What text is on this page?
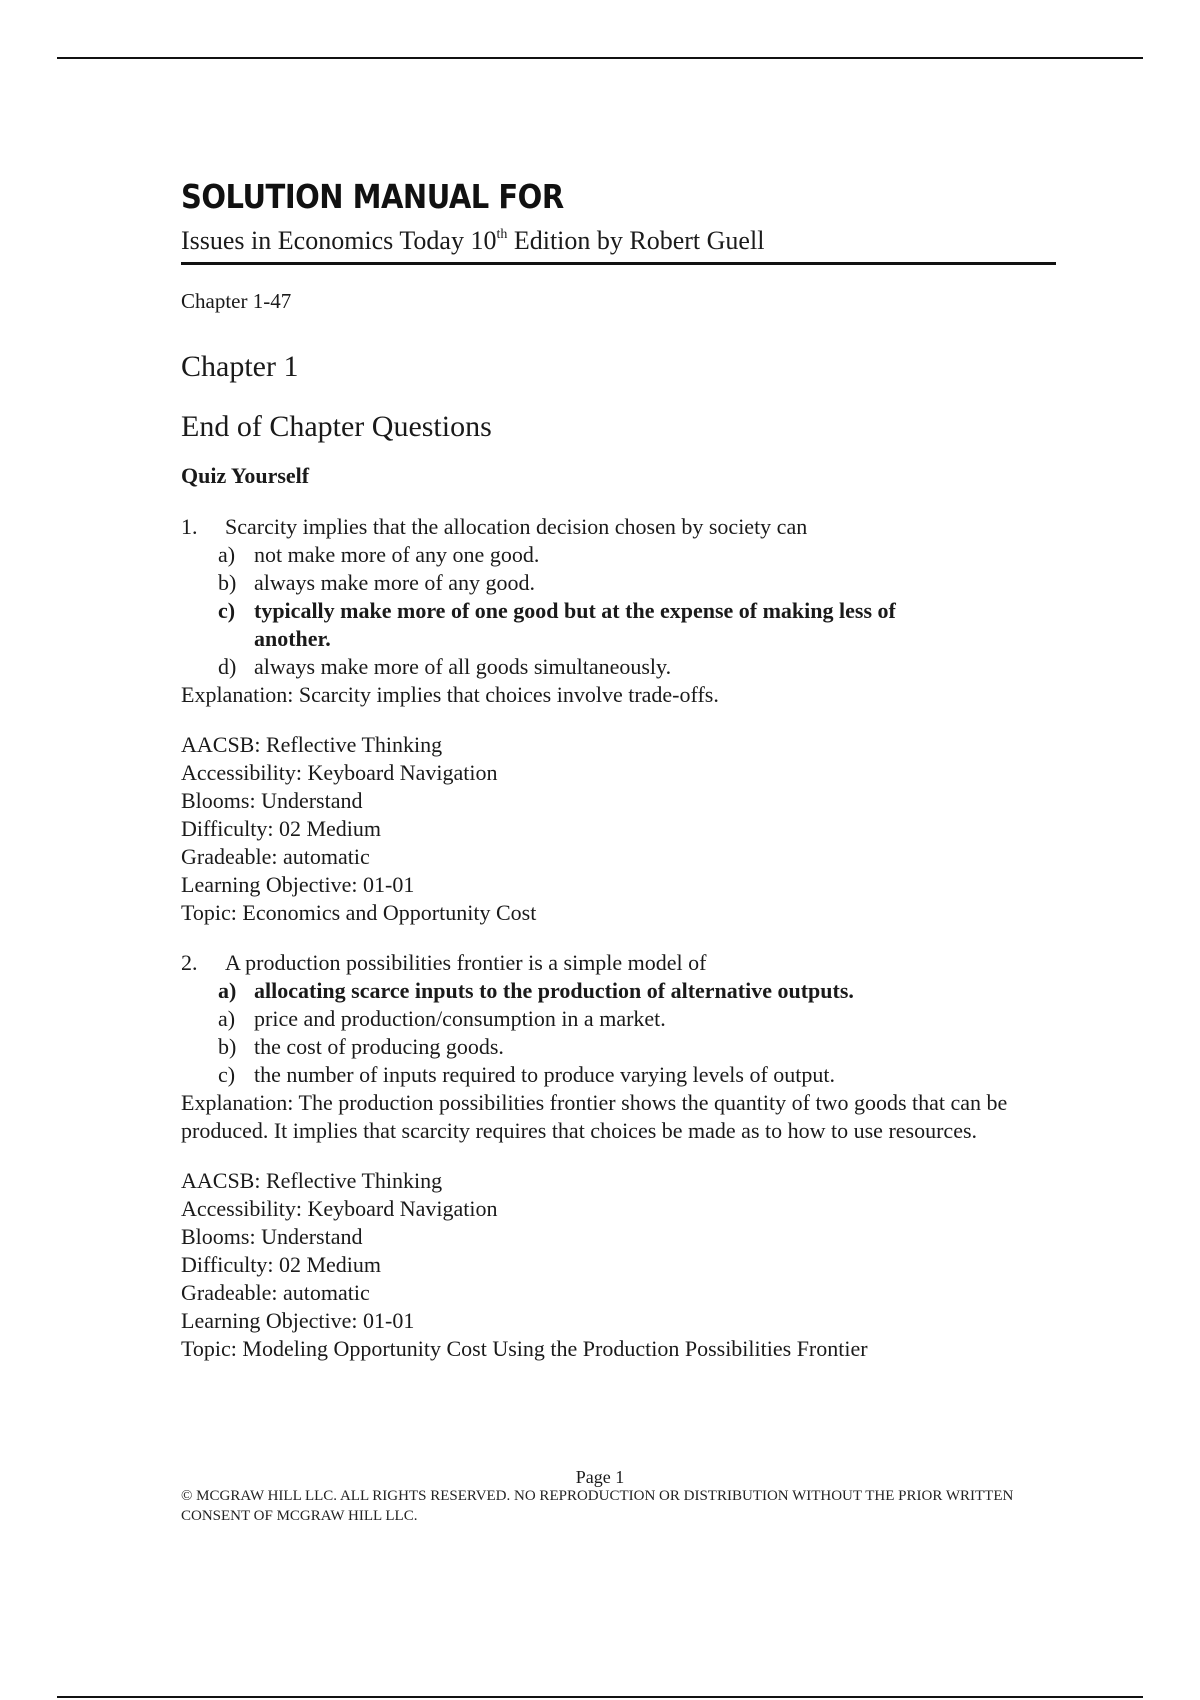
SOLUTION MANUAL FOR
Issues in Economics Today 10th Edition by Robert Guell
Chapter 1-47
Chapter 1
End of Chapter Questions
Quiz Yourself
1.	Scarcity implies that the allocation decision chosen by society can
a) not make more of any one good.
b) always make more of any good.
c) typically make more of one good but at the expense of making less of another.
d) always make more of all goods simultaneously.
Explanation: Scarcity implies that choices involve trade-offs.
AACSB: Reflective Thinking
Accessibility: Keyboard Navigation
Blooms: Understand
Difficulty: 02 Medium
Gradeable: automatic
Learning Objective: 01-01
Topic: Economics and Opportunity Cost
2.	A production possibilities frontier is a simple model of
a) allocating scarce inputs to the production of alternative outputs.
a) price and production/consumption in a market.
b) the cost of producing goods.
c) the number of inputs required to produce varying levels of output.
Explanation: The production possibilities frontier shows the quantity of two goods that can be produced. It implies that scarcity requires that choices be made as to how to use resources.
AACSB: Reflective Thinking
Accessibility: Keyboard Navigation
Blooms: Understand
Difficulty: 02 Medium
Gradeable: automatic
Learning Objective: 01-01
Topic: Modeling Opportunity Cost Using the Production Possibilities Frontier
Page 1
© MCGRAW HILL LLC. ALL RIGHTS RESERVED. NO REPRODUCTION OR DISTRIBUTION WITHOUT THE PRIOR WRITTEN CONSENT OF MCGRAW HILL LLC.
